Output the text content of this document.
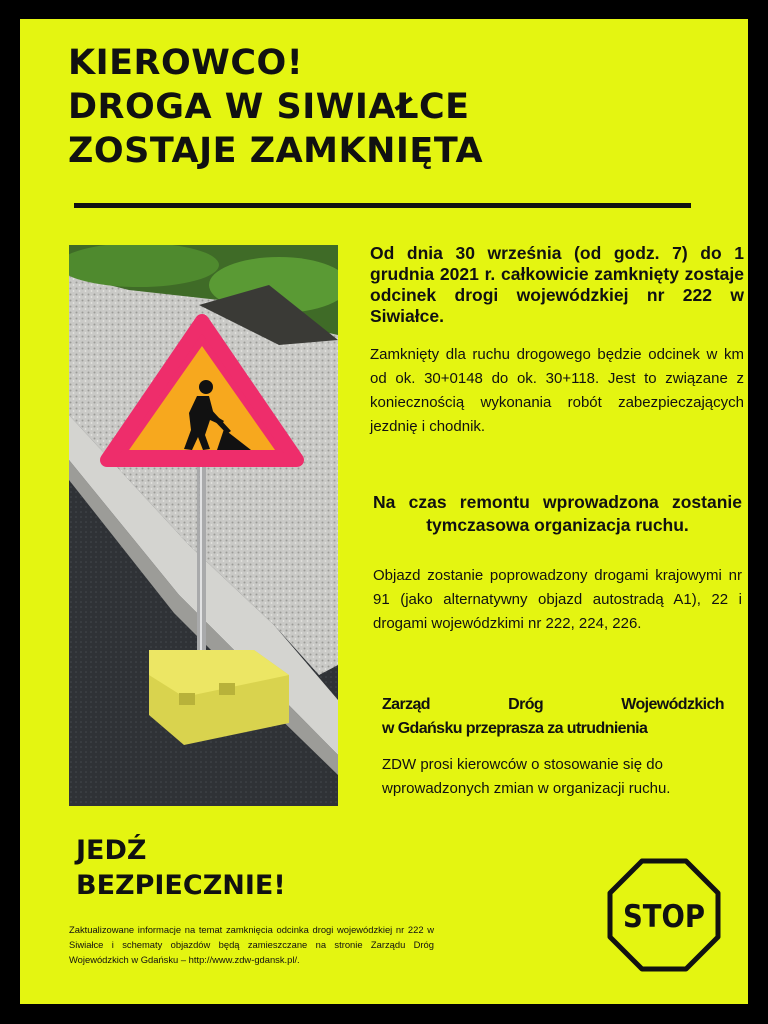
KIEROWCO!
DROGA W SIWIAŁCE
ZOSTAJE ZAMKNIĘTA
Od dnia 30 września (od godz. 7) do 1 grudnia 2021 r. całkowicie zamknięty zostaje odcinek drogi wojewódzkiej nr 222 w Siwiałce.
Zamknięty dla ruchu drogowego będzie odcinek w km od ok. 30+0148 do ok. 30+118. Jest to związane z koniecznością wykonania robót zabezpieczających jezdnię i chodnik.
Na czas remontu wprowadzona zostanie tymczasowa organizacja ruchu.
Objazd zostanie poprowadzony drogami krajowymi nr 91 (jako alternatywny objazd autostradą A1), 22 i drogami wojewódzkimi nr 222, 224, 226.
Zarząd	Dróg	Wojewódzkich
w Gdańsku przeprasza za utrudnienia
ZDW prosi kierowców o stosowanie się do wprowadzonych zmian w organizacji ruchu.
JEDŹ
BEZPIECZNIE!
Zaktualizowane informacje na temat zamknięcia odcinka drogi wojewódzkiej nr 222 w Siwiałce i schematy objazdów będą zamieszczane na stronie Zarządu Dróg Wojewódzkich w Gdańsku – http://www.zdw-gdansk.pl/.
STOP
